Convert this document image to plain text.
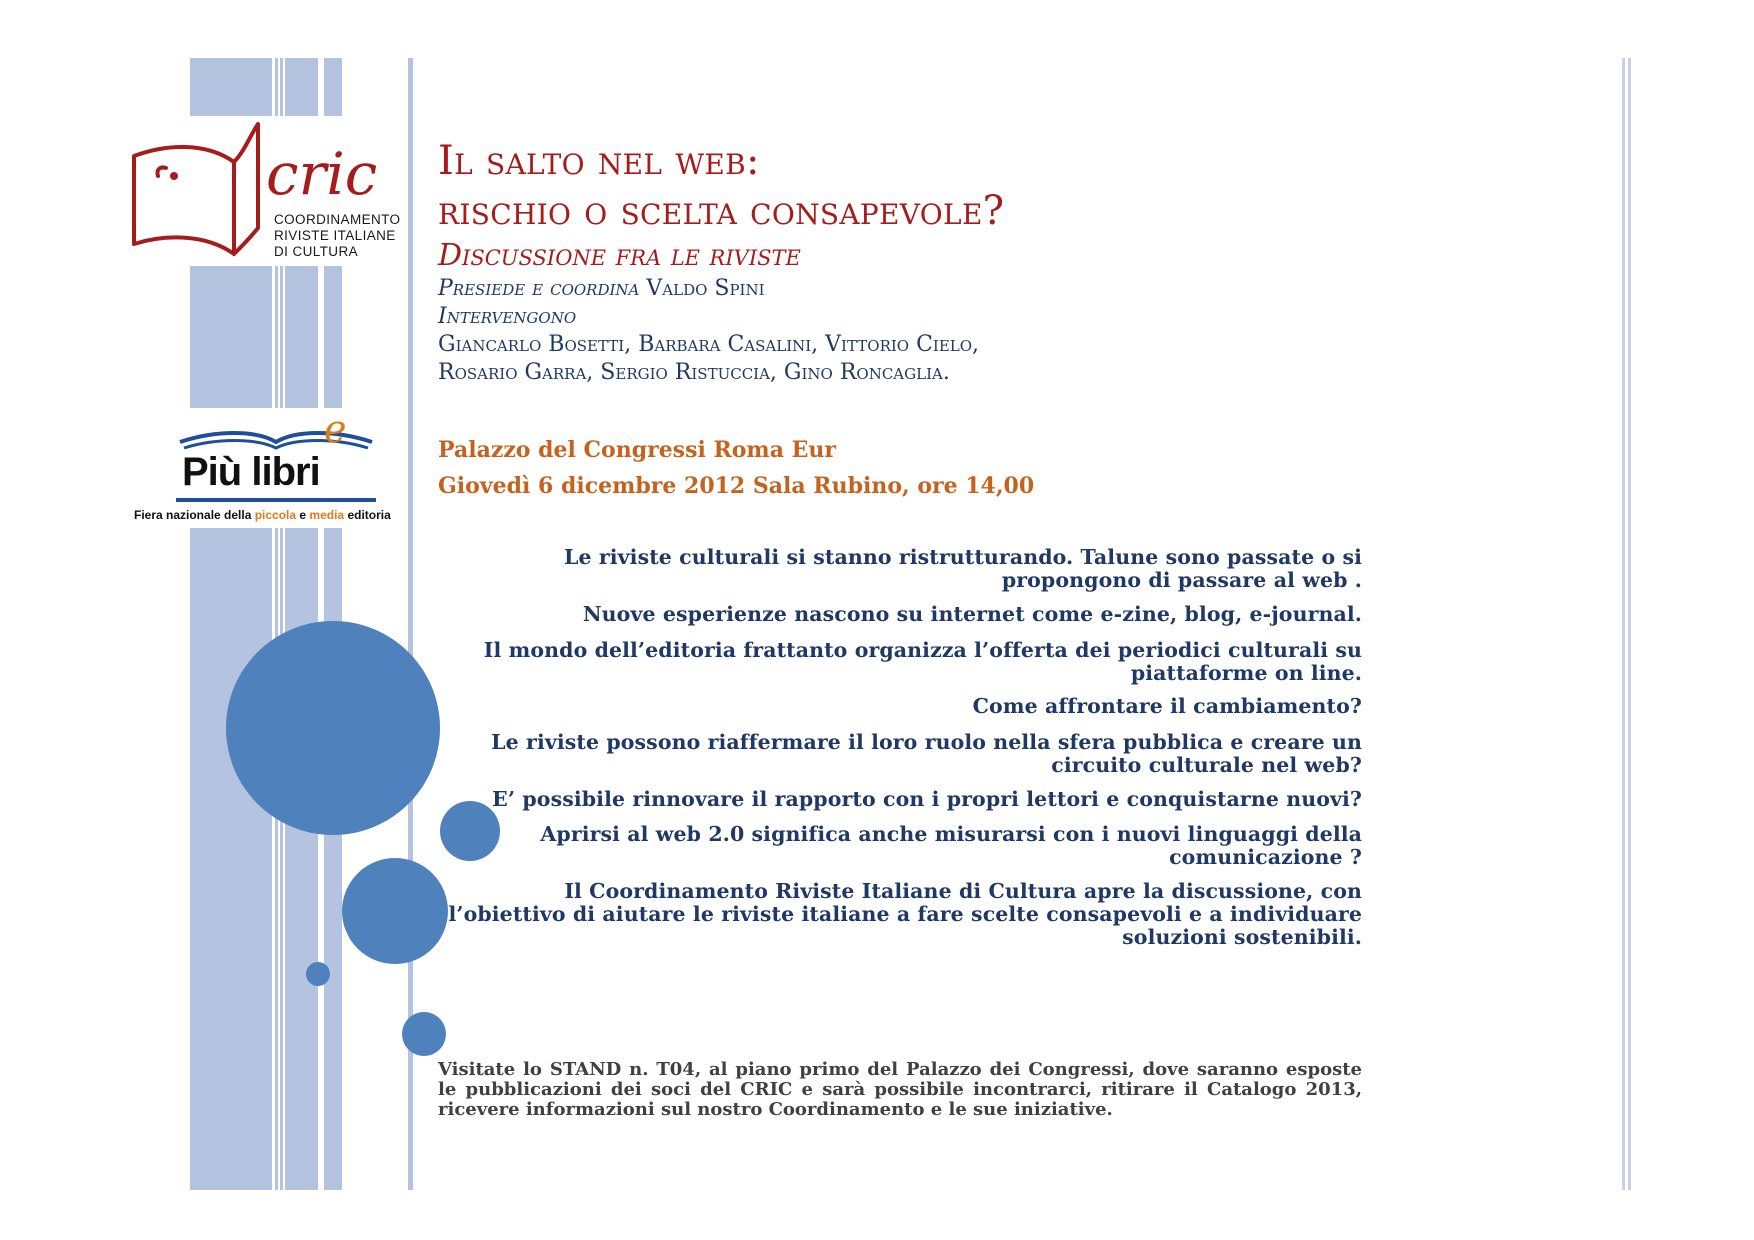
cric
COORDINAMENTO
RIVISTE ITALIANE
DI CULTURA
e
Più libri
Fiera nazionale della piccola e media editoria
Il salto nel web:
rischio o scelta consapevole?
Discussione fra le riviste
Presiede e coordina Valdo Spini
Intervengono
Giancarlo Bosetti, Barbara Casalini, Vittorio Cielo,
Rosario Garra, Sergio Ristuccia, Gino Roncaglia.
Palazzo del Congressi Roma Eur
Giovedì 6 dicembre 2012 Sala Rubino, ore 14,00
Le riviste culturali si stanno ristrutturando. Talune sono passate o si propongono di passare al web .
Nuove esperienze nascono su internet come e-zine, blog, e-journal.
Il mondo dell’editoria frattanto organizza l’offerta dei periodici culturali su piattaforme on line.
Come affrontare il cambiamento?
Le riviste possono riaffermare il loro ruolo nella sfera pubblica e creare un circuito culturale nel web?
E’ possibile rinnovare il rapporto con i propri lettori e conquistarne nuovi?
Aprirsi al web 2.0 significa anche misurarsi con i nuovi linguaggi della comunicazione ?
Il Coordinamento Riviste Italiane di Cultura apre la discussione, con l’obiettivo di aiutare le riviste italiane a fare scelte consapevoli e a individuare soluzioni sostenibili.
Visitate lo STAND n. T04, al piano primo del Palazzo dei Congressi, dove saranno esposte le pubblicazioni dei soci del CRIC e sarà possibile incontrarci, ritirare il Catalogo 2013, ricevere informazioni sul nostro Coordinamento e le sue iniziative.
